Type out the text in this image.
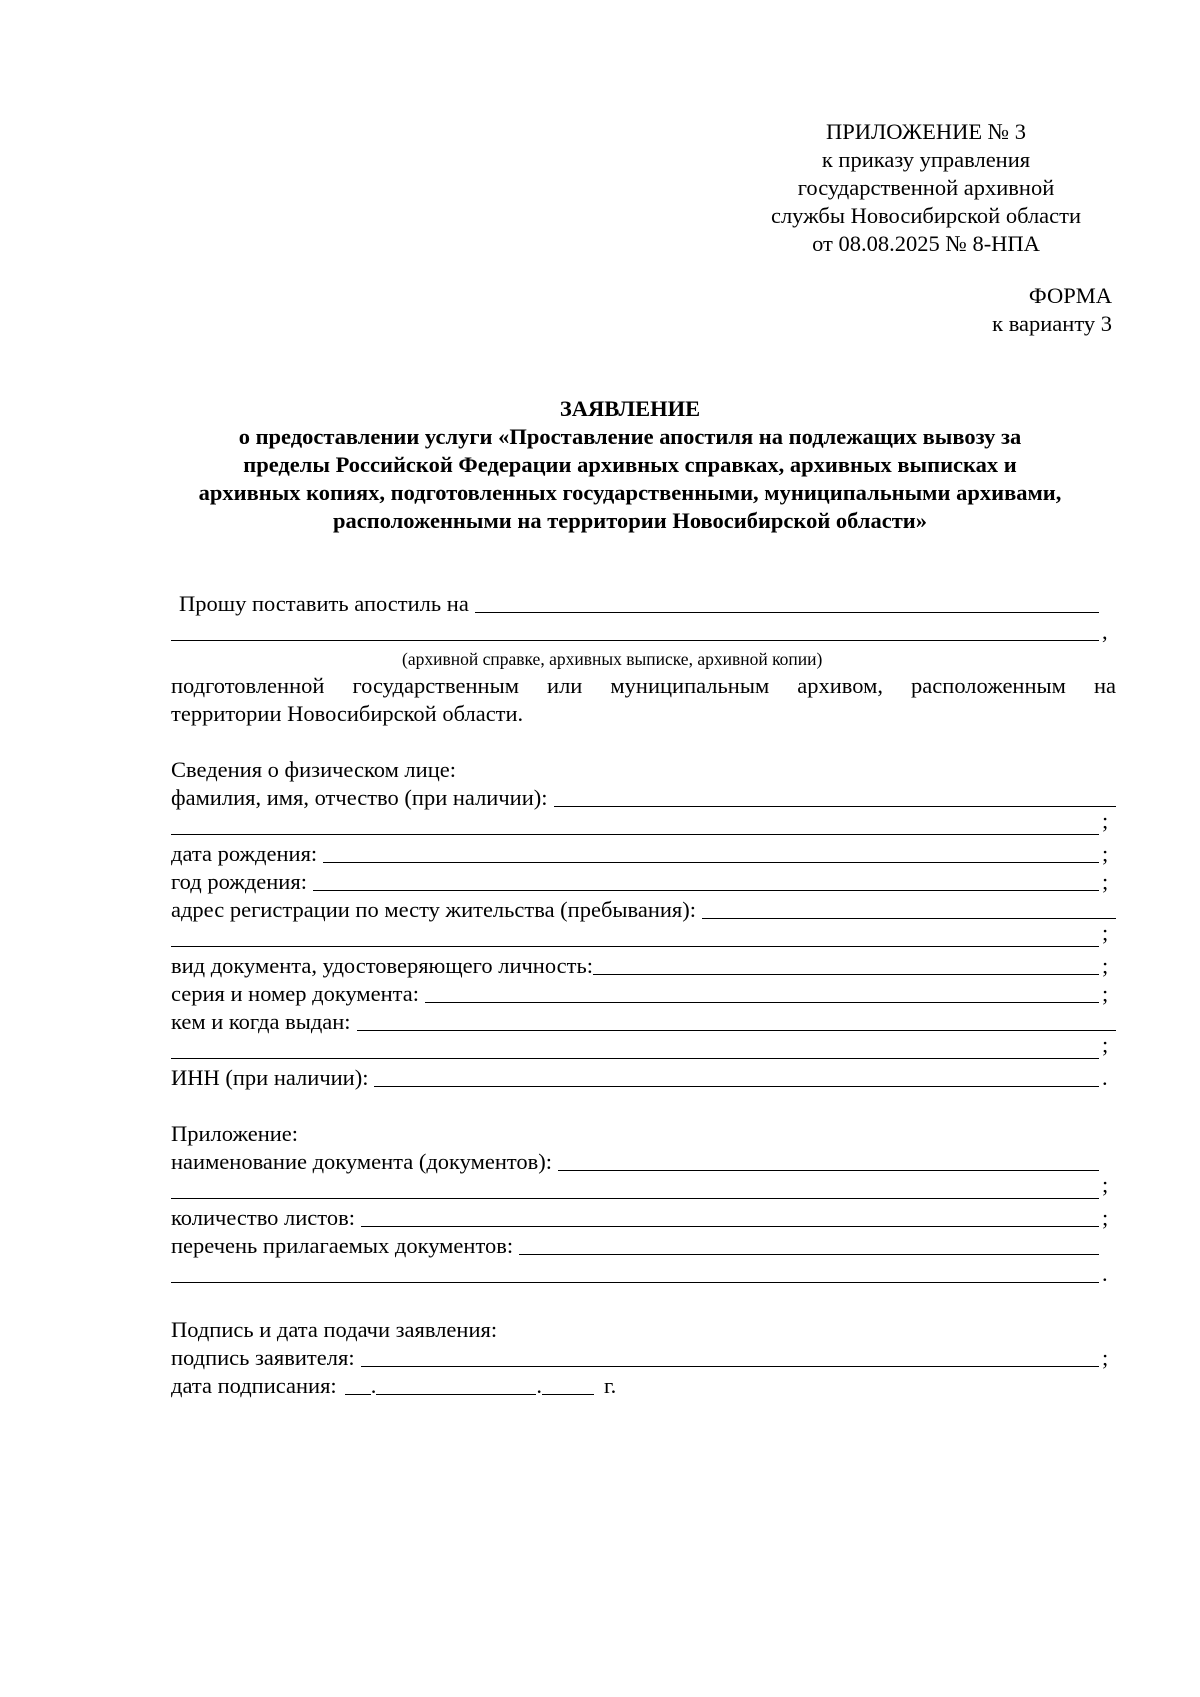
ПРИЛОЖЕНИЕ № 3
к приказу управления
государственной архивной
службы Новосибирской области
от 08.08.2025 № 8-НПА
ФОРМА
к варианту 3
ЗАЯВЛЕНИЕ
о предоставлении услуги «Проставление апостиля на подлежащих вывозу за
пределы Российской Федерации архивных справках, архивных выписках и
архивных копиях, подготовленных государственными, муниципальными архивами,
расположенными на территории Новосибирской области»
Прошу поставить апостиль на
,
(архивной справке, архивных выписке, архивной копии)
подготовленной государственным или муниципальным архивом, расположенным на
территории Новосибирской области.
Сведения о физическом лице:
фамилия, имя, отчество (при наличии):
;
дата рождения:	;
год рождения:	;
адрес регистрации по месту жительства (пребывания):
;
вид документа, удостоверяющего личность:	;
серия и номер документа:	;
кем и когда выдан:
;
ИНН (при наличии):	.
Приложение:
наименование документа (документов):
;
количество листов:	;
перечень прилагаемых документов:
.
Подпись и дата подачи заявления:
подпись заявителя:	;
дата подписания: .	.	г.
